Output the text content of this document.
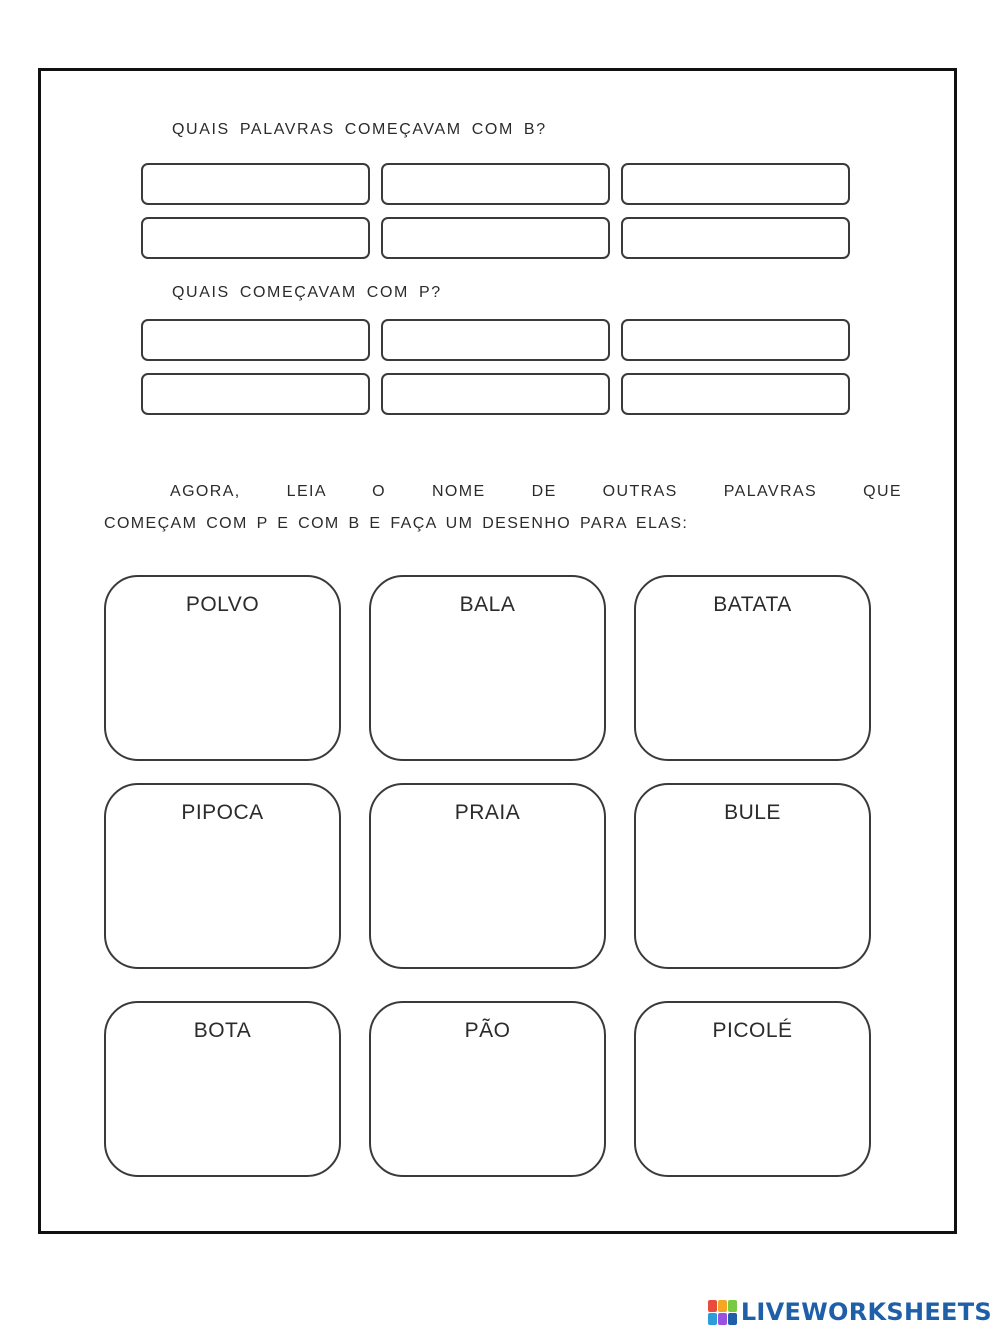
QUAIS PALAVRAS COMEÇAVAM COM B?
QUAIS COMEÇAVAM COM P?
AGORA, LEIA O NOME DE OUTRAS PALAVRAS QUE
COMEÇAM COM P E COM B E FAÇA UM DESENHO PARA ELAS:
POLVO	BALA	BATATA
PIPOCA	PRAIA	BULE
BOTA	PÃO	PICOLÉ
LIVEWORKSHEETS
